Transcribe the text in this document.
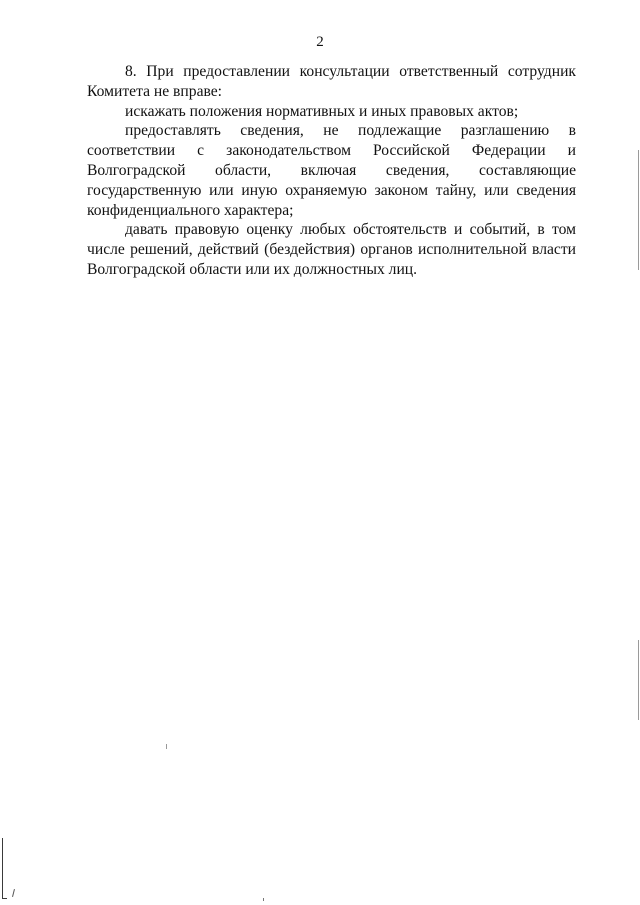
2

8. При предоставлении консультации ответственный сотрудник Комитета не вправе:

искажать положения нормативных и иных правовых актов;

предоставлять сведения, не подлежащие разглашению в соответствии с законодательством Российской Федерации и Волгоградской области, включая сведения, составляющие государственную или иную охраняемую законом тайну, или сведения конфиденциального характера;

давать правовую оценку любых обстоятельств и событий, в том числе решений, действий (бездействия) органов исполнительной власти Волгоградской области или их должностных лиц.
